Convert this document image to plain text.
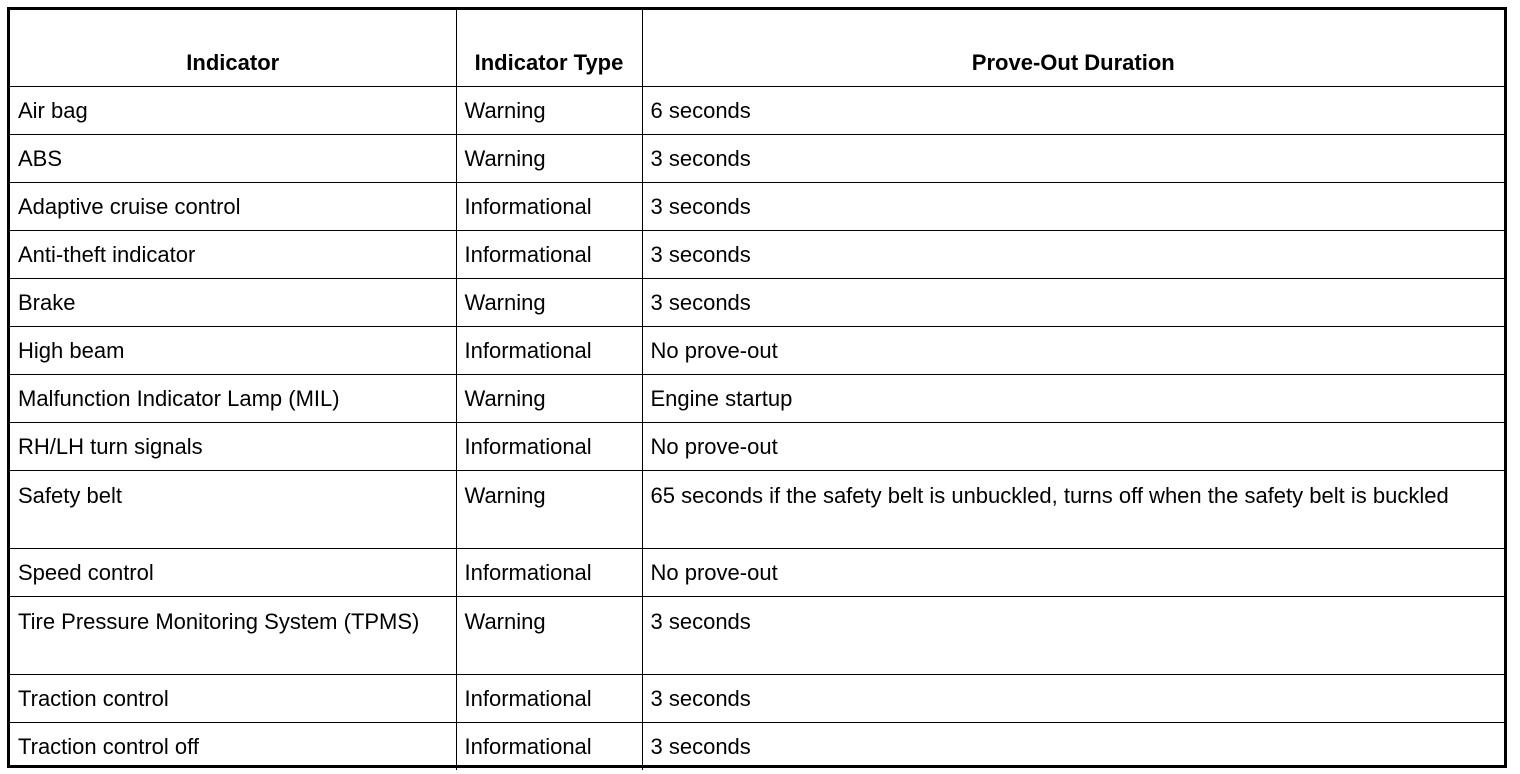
Indicator	Indicator Type	Prove-Out Duration
Air bag	Warning	6 seconds
ABS	Warning	3 seconds
Adaptive cruise control	Informational	3 seconds
Anti-theft indicator	Informational	3 seconds
Brake	Warning	3 seconds
High beam	Informational	No prove-out
Malfunction Indicator Lamp (MIL)	Warning	Engine startup
RH/LH turn signals	Informational	No prove-out
Safety belt	Warning	65 seconds if the safety belt is unbuckled, turns off when the safety belt is buckled
Speed control	Informational	No prove-out
Tire Pressure Monitoring System (TPMS)	Warning	3 seconds
Traction control	Informational	3 seconds
Traction control off	Informational	3 seconds
